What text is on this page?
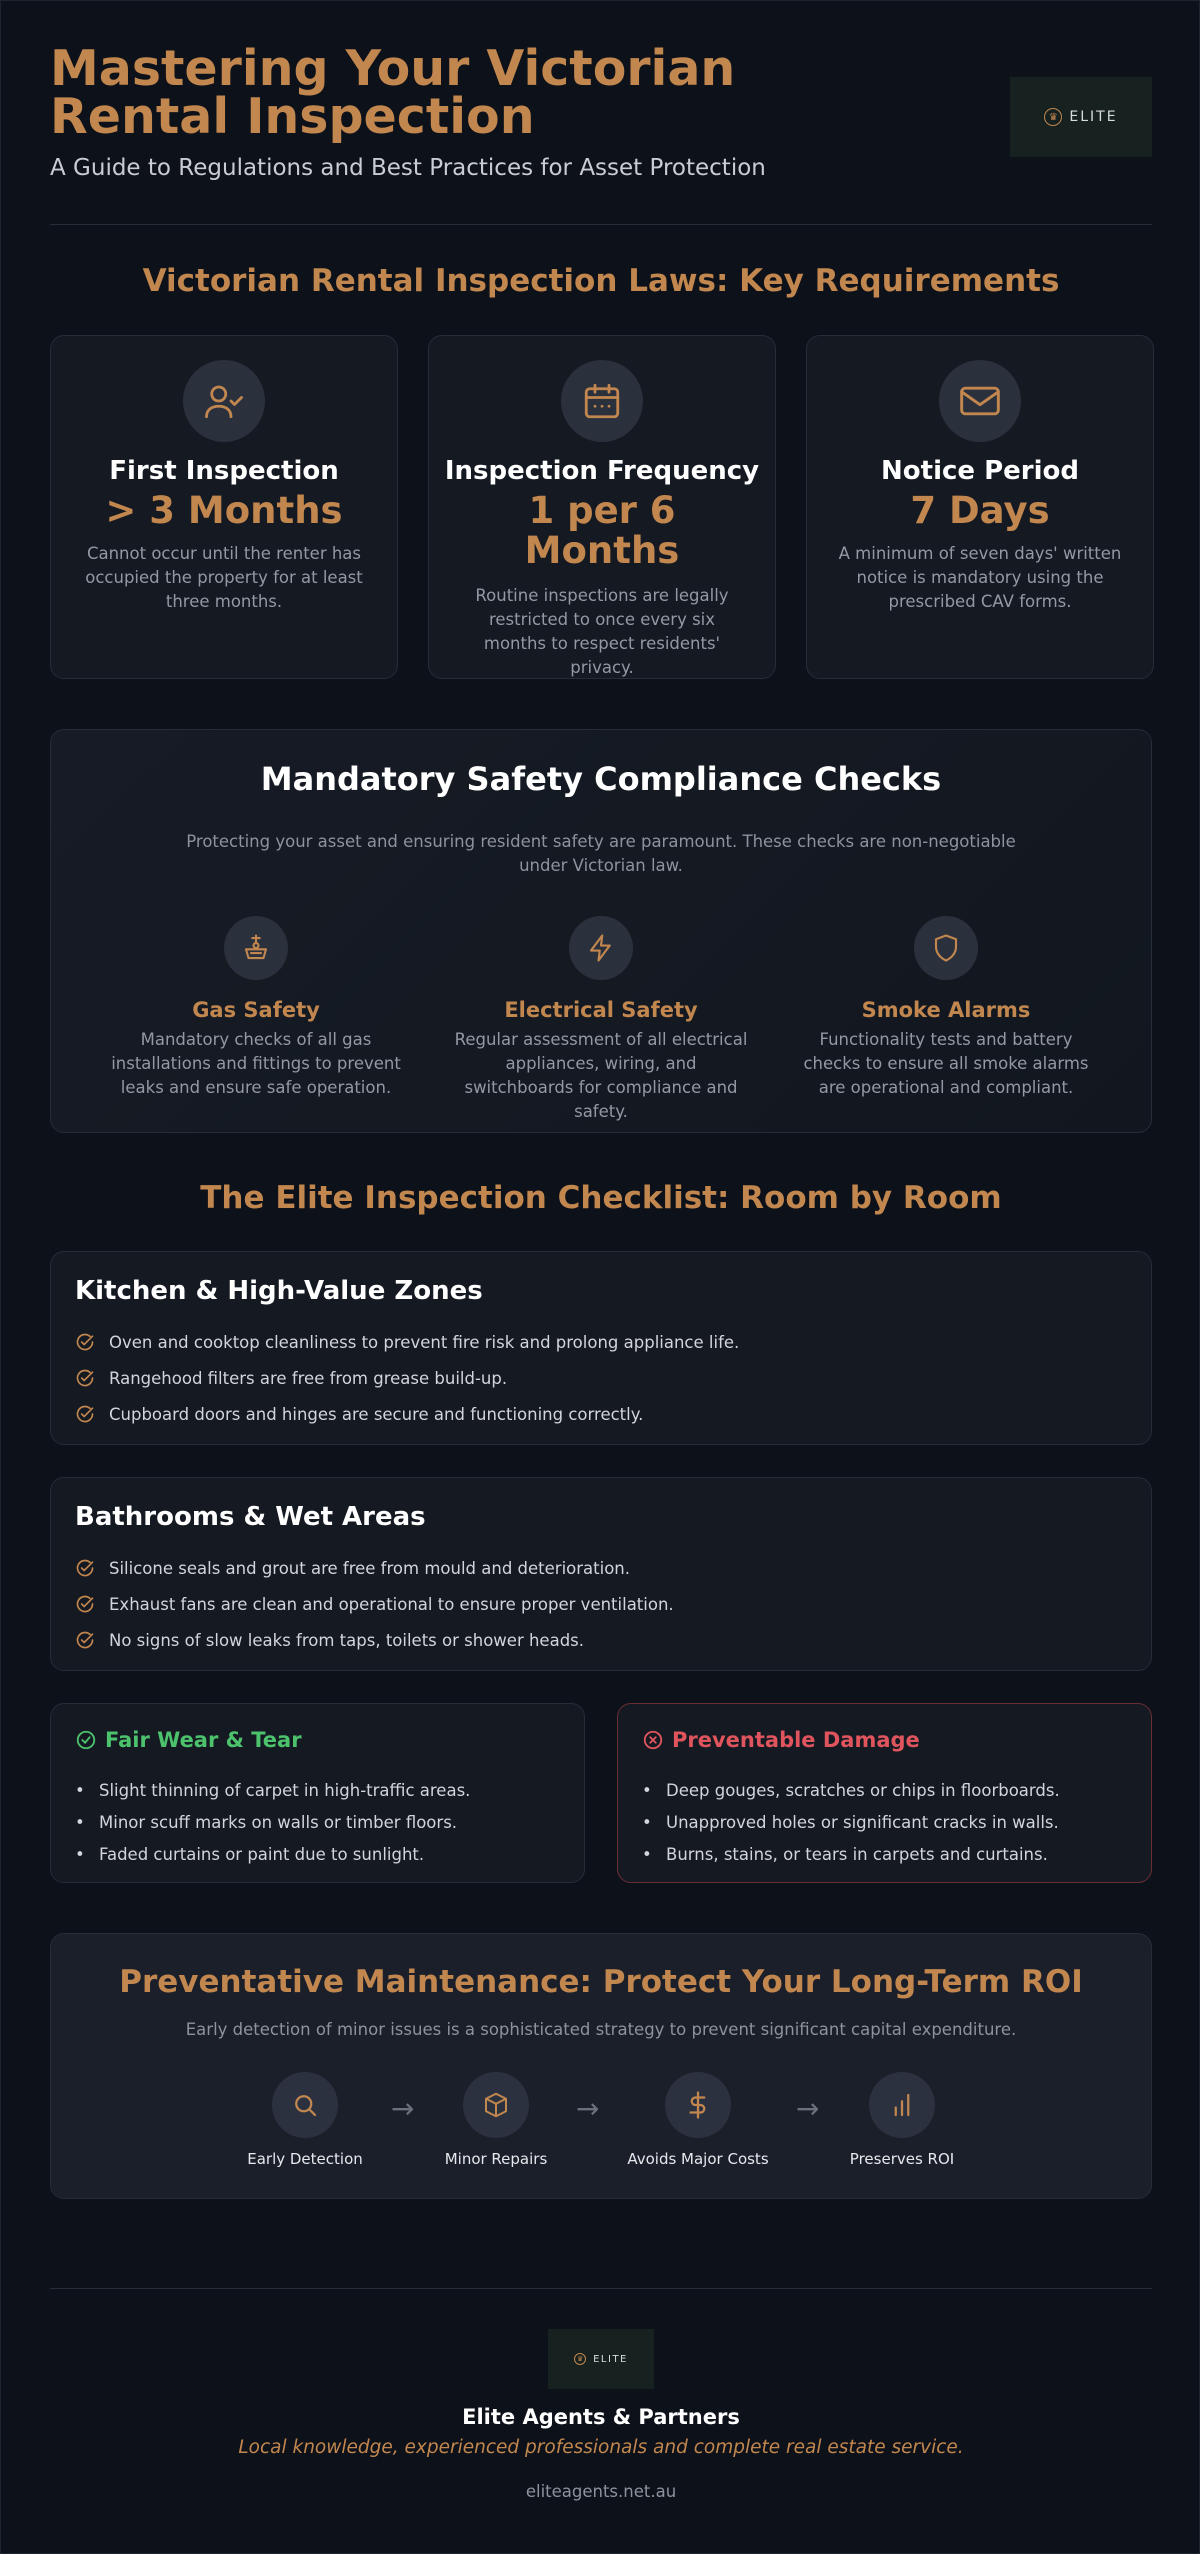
Mastering Your Victorian Rental Inspection
A Guide to Regulations and Best Practices for Asset Protection
♛ ELITE
Victorian Rental Inspection Laws: Key Requirements
First Inspection
> 3 Months
Cannot occur until the renter has occupied the property for at least three months.
Inspection Frequency
1 per 6 Months
Routine inspections are legally restricted to once every six months to respect residents' privacy.
Notice Period
7 Days
A minimum of seven days' written notice is mandatory using the prescribed CAV forms.
Mandatory Safety Compliance Checks
Protecting your asset and ensuring resident safety are paramount. These checks are non-negotiable under Victorian law.
Gas Safety
Mandatory checks of all gas installations and fittings to prevent leaks and ensure safe operation.
Electrical Safety
Regular assessment of all electrical appliances, wiring, and switchboards for compliance and safety.
Smoke Alarms
Functionality tests and battery checks to ensure all smoke alarms are operational and compliant.
The Elite Inspection Checklist: Room by Room
Kitchen & High-Value Zones
Oven and cooktop cleanliness to prevent fire risk and prolong appliance life.
Rangehood filters are free from grease build-up.
Cupboard doors and hinges are secure and functioning correctly.
Bathrooms & Wet Areas
Silicone seals and grout are free from mould and deterioration.
Exhaust fans are clean and operational to ensure proper ventilation.
No signs of slow leaks from taps, toilets or shower heads.
Fair Wear & Tear
• Slight thinning of carpet in high-traffic areas.
• Minor scuff marks on walls or timber floors.
• Faded curtains or paint due to sunlight.
Preventable Damage
• Deep gouges, scratches or chips in floorboards.
• Unapproved holes or significant cracks in walls.
• Burns, stains, or tears in carpets and curtains.
Preventative Maintenance: Protect Your Long-Term ROI
Early detection of minor issues is a sophisticated strategy to prevent significant capital expenditure.
Early Detection
→
Minor Repairs
→
Avoids Major Costs
→
Preserves ROI
♛ ELITE
Elite Agents & Partners
Local knowledge, experienced professionals and complete real estate service.
eliteagents.net.au
